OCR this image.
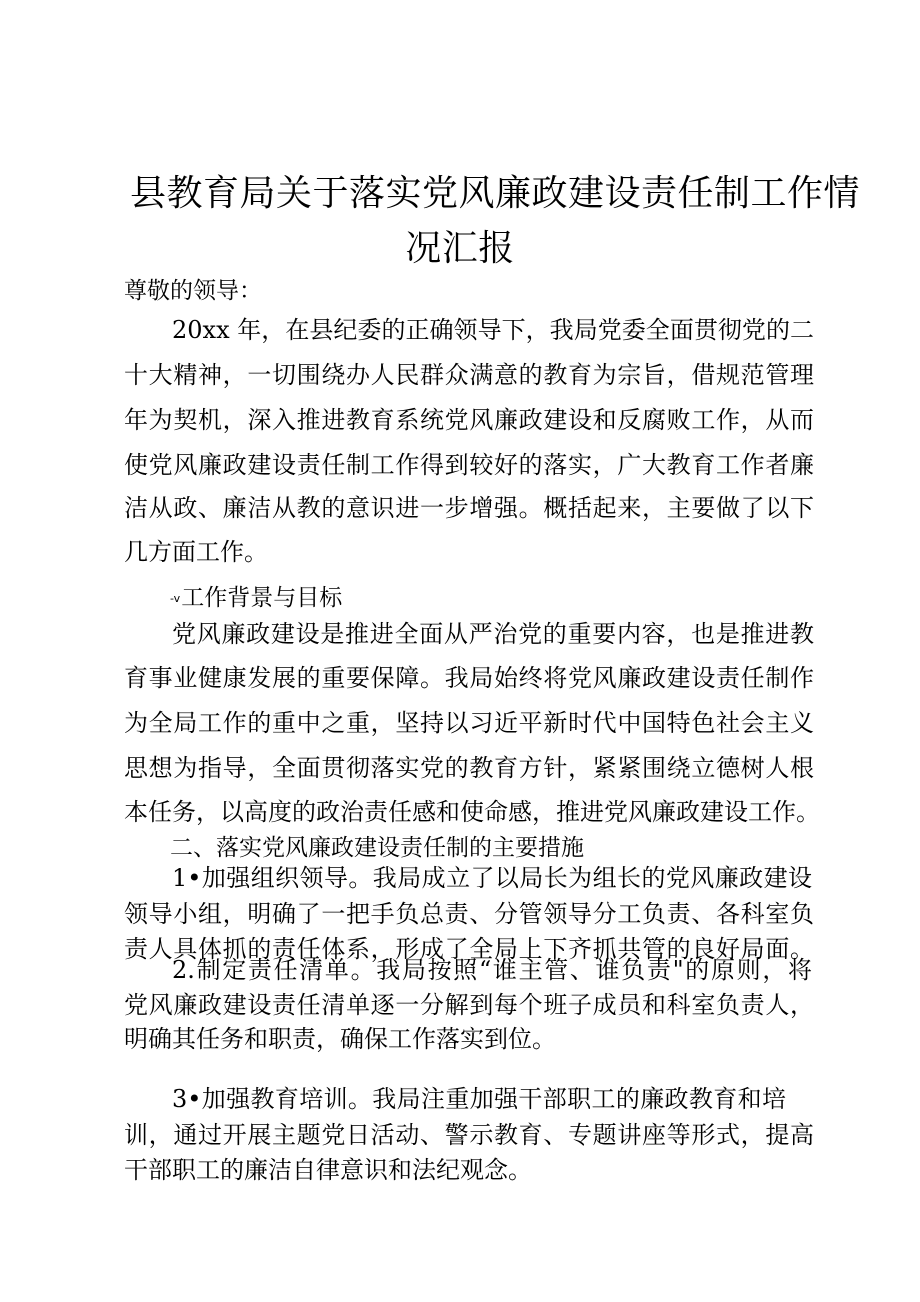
县教育局关于落实党风廉政建设责任制工作情
况汇报
尊敬的领导：
20xx 年，在县纪委的正确领导下，我局党委全面贯彻党的二
十大精神，一切围绕办人民群众满意的教育为宗旨，借规范管理
年为契机，深入推进教育系统党风廉政建设和反腐败工作，从而
使党风廉政建设责任制工作得到较好的落实，广大教育工作者廉
洁从政、廉洁从教的意识进一步增强。概括起来，主要做了以下
几方面工作。
-v工作背景与目标
党风廉政建设是推进全面从严治党的重要内容，也是推进教
育事业健康发展的重要保障。我局始终将党风廉政建设责任制作
为全局工作的重中之重，坚持以习近平新时代中国特色社会主义
思想为指导，全面贯彻落实党的教育方针，紧紧围绕立德树人根
本任务，以高度的政治责任感和使命感，推进党风廉政建设工作。
二、落实党风廉政建设责任制的主要措施
1•加强组织领导。我局成立了以局长为组长的党风廉政建设
领导小组，明确了一把手负总责、分管领导分工负责、各科室负
责人具体抓的责任体系，形成了全局上下齐抓共管的良好局面。
2.制定责任清单。我局按照“谁主管、谁负责"的原则，将
党风廉政建设责任清单逐一分解到每个班子成员和科室负责人，
明确其任务和职责，确保工作落实到位。
3•加强教育培训。我局注重加强干部职工的廉政教育和培
训，通过开展主题党日活动、警示教育、专题讲座等形式，提高
干部职工的廉洁自律意识和法纪观念。
